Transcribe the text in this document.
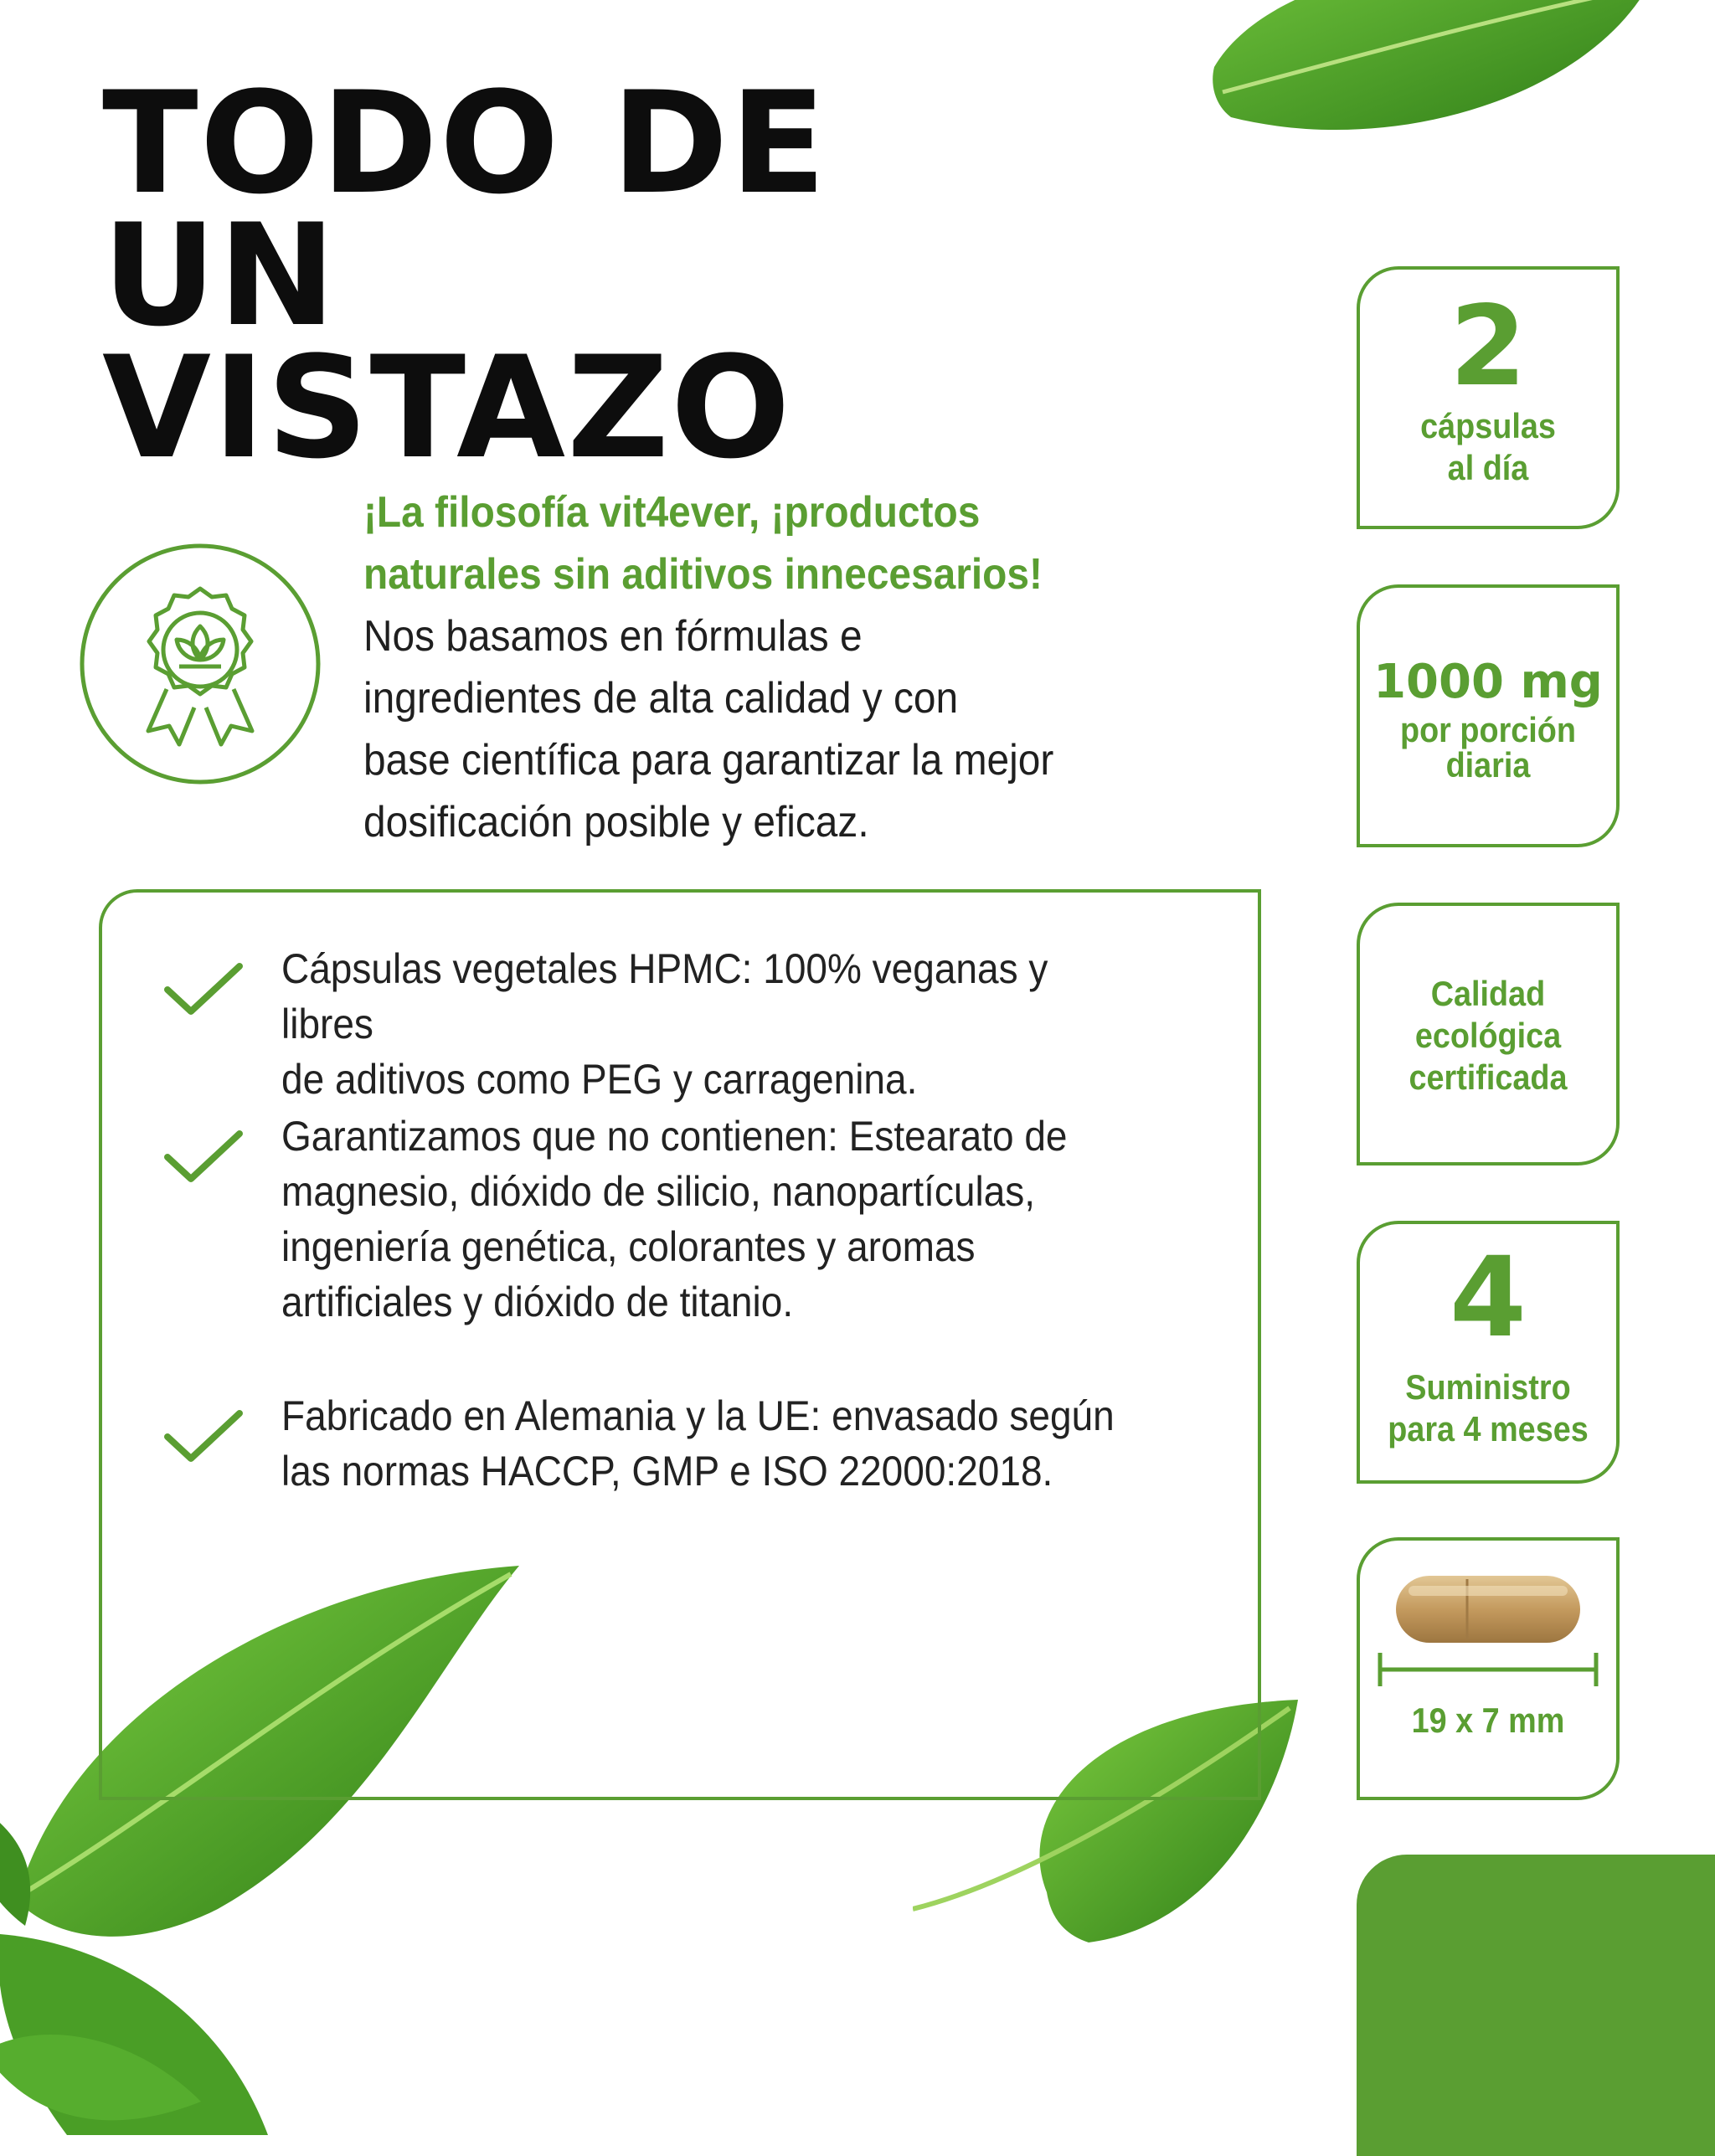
TODO DE UN
VISTAZO
¡La filosofía vit4ever, ¡productos
naturales sin aditivos innecesarios!
Nos basamos en fórmulas e
ingredientes de alta calidad y con
base científica para garantizar la mejor
dosificación posible y eficaz.
Cápsulas vegetales HPMC: 100% veganas y libres
de aditivos como PEG y carragenina.
Garantizamos que no contienen: Estearato de
magnesio, dióxido de silicio, nanopartículas,
ingeniería genética, colorantes y aromas
artificiales y dióxido de titanio.
Fabricado en Alemania y la UE: envasado según
las normas HACCP, GMP e ISO 22000:2018.
2
cápsulas
al día
1000 mg
por porción
diaria
Calidad
ecológica
certificada
4
Suministro
para 4 meses
19 x 7 mm
